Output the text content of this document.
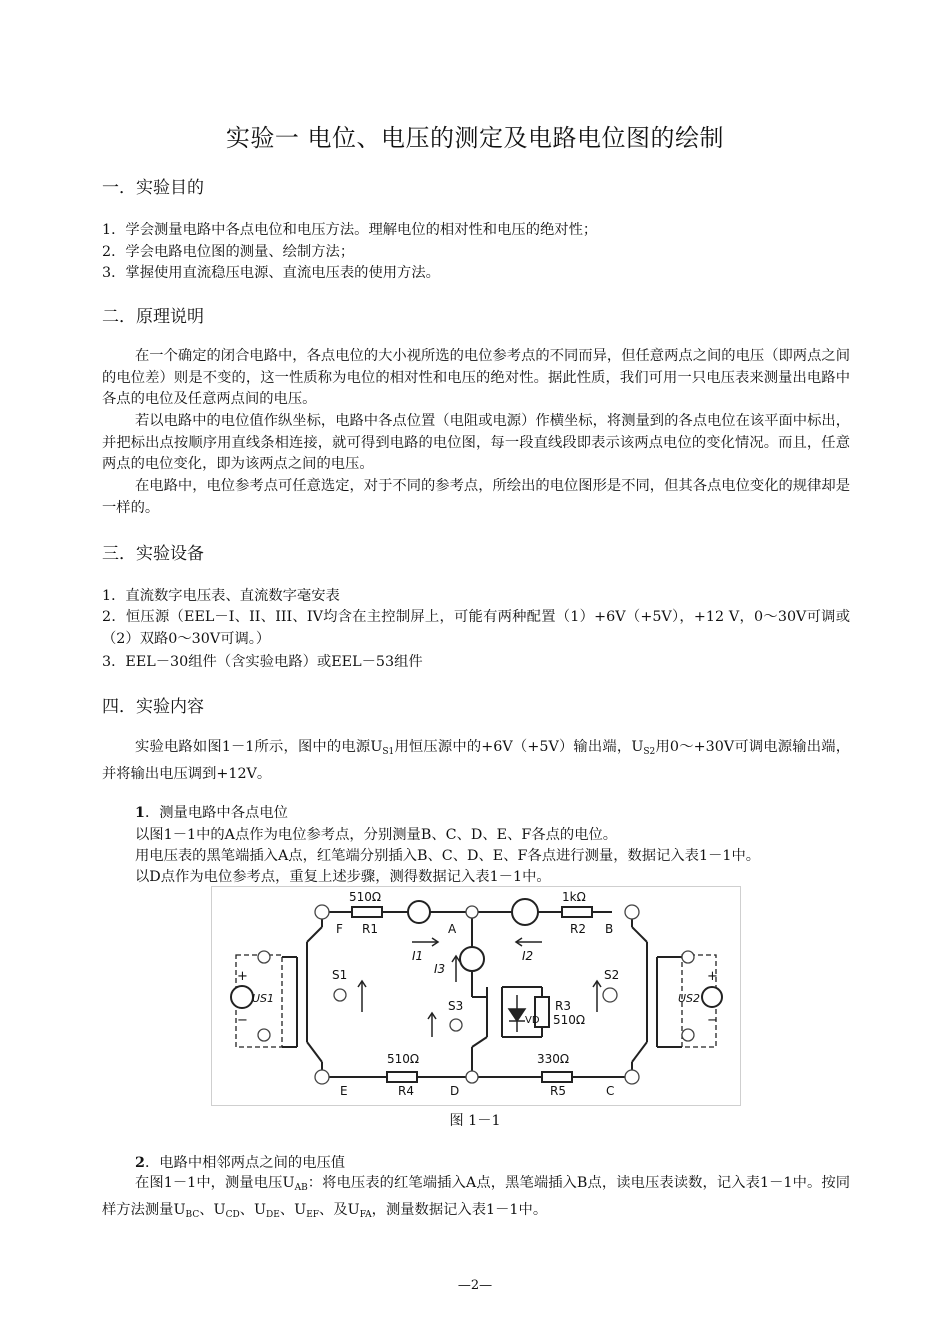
实验一 电位、电压的测定及电路电位图的绘制
一．实验目的
1．学会测量电路中各点电位和电压方法。理解电位的相对性和电压的绝对性；
2．学会电路电位图的测量、绘制方法；
3．掌握使用直流稳压电源、直流电压表的使用方法。
二．原理说明

在一个确定的闭合电路中，各点电位的大小视所选的电位参考点的不同而异，但任意两点之间的电压（即两点之间的电位差）则是不变的，这一性质称为电位的相对性和电压的绝对性。据此性质，我们可用一只电压表来测量出电路中各点的电位及任意两点间的电压。

若以电路中的电位值作纵坐标，电路中各点位置（电阻或电源）作横坐标，将测量到的各点电位在该平面中标出，并把标出点按顺序用直线条相连接，就可得到电路的电位图，每一段直线段即表示该两点电位的变化情况。而且，任意两点的电位变化，即为该两点之间的电压。

在电路中，电位参考点可任意选定，对于不同的参考点，所绘出的电位图形是不同，但其各点电位变化的规律却是一样的。

三．实验设备
1．直流数字电压表、直流数字毫安表

2．恒压源（EEL－I、II、III、IV均含在主控制屏上，可能有两种配置（1）+6V（+5V），+12 V，0～30V可调或（2）双路0～30V可调。）

3．EEL－30组件（含实验电路）或EEL－53组件
四．实验内容

实验电路如图1－1所示，图中的电源$U_{S1}$用恒压源中的+6V（+5V）输出端，$U_{S2}$用0～+30V可调电源输出端，并将输出电压调到+12V。

1．测量电路中各点电位
以图1－1中的A点作为电位参考点，分别测量B、C、D、E、F各点的电位。
用电压表的黑笔端插入A点，红笔端分别插入B、C、D、E、F各点进行测量，数据记入表1－1中。
以D点作为电位参考点，重复上述步骤，测得数据记入表1－1中。
510Ω
R1
1kΩ
R2
R3
510Ω
510Ω
R4
330Ω
R5
A	B
C
D
E
F
I1	I2
I3
S1	S2
S3
US1	US2
VD
+
−
+
−
图 1－1
2．电路中相邻两点之间的电压值

在图1－1中，测量电压$U_{AB}$：将电压表的红笔端插入A点，黑笔端插入B点，读电压表读数，记入表1－1中。按同样方法测量$U_{BC}$、$U_{CD}$、$U_{DE}$、$U_{EF}$、及$U_{FA}$，测量数据记入表1－1中。

—2—
